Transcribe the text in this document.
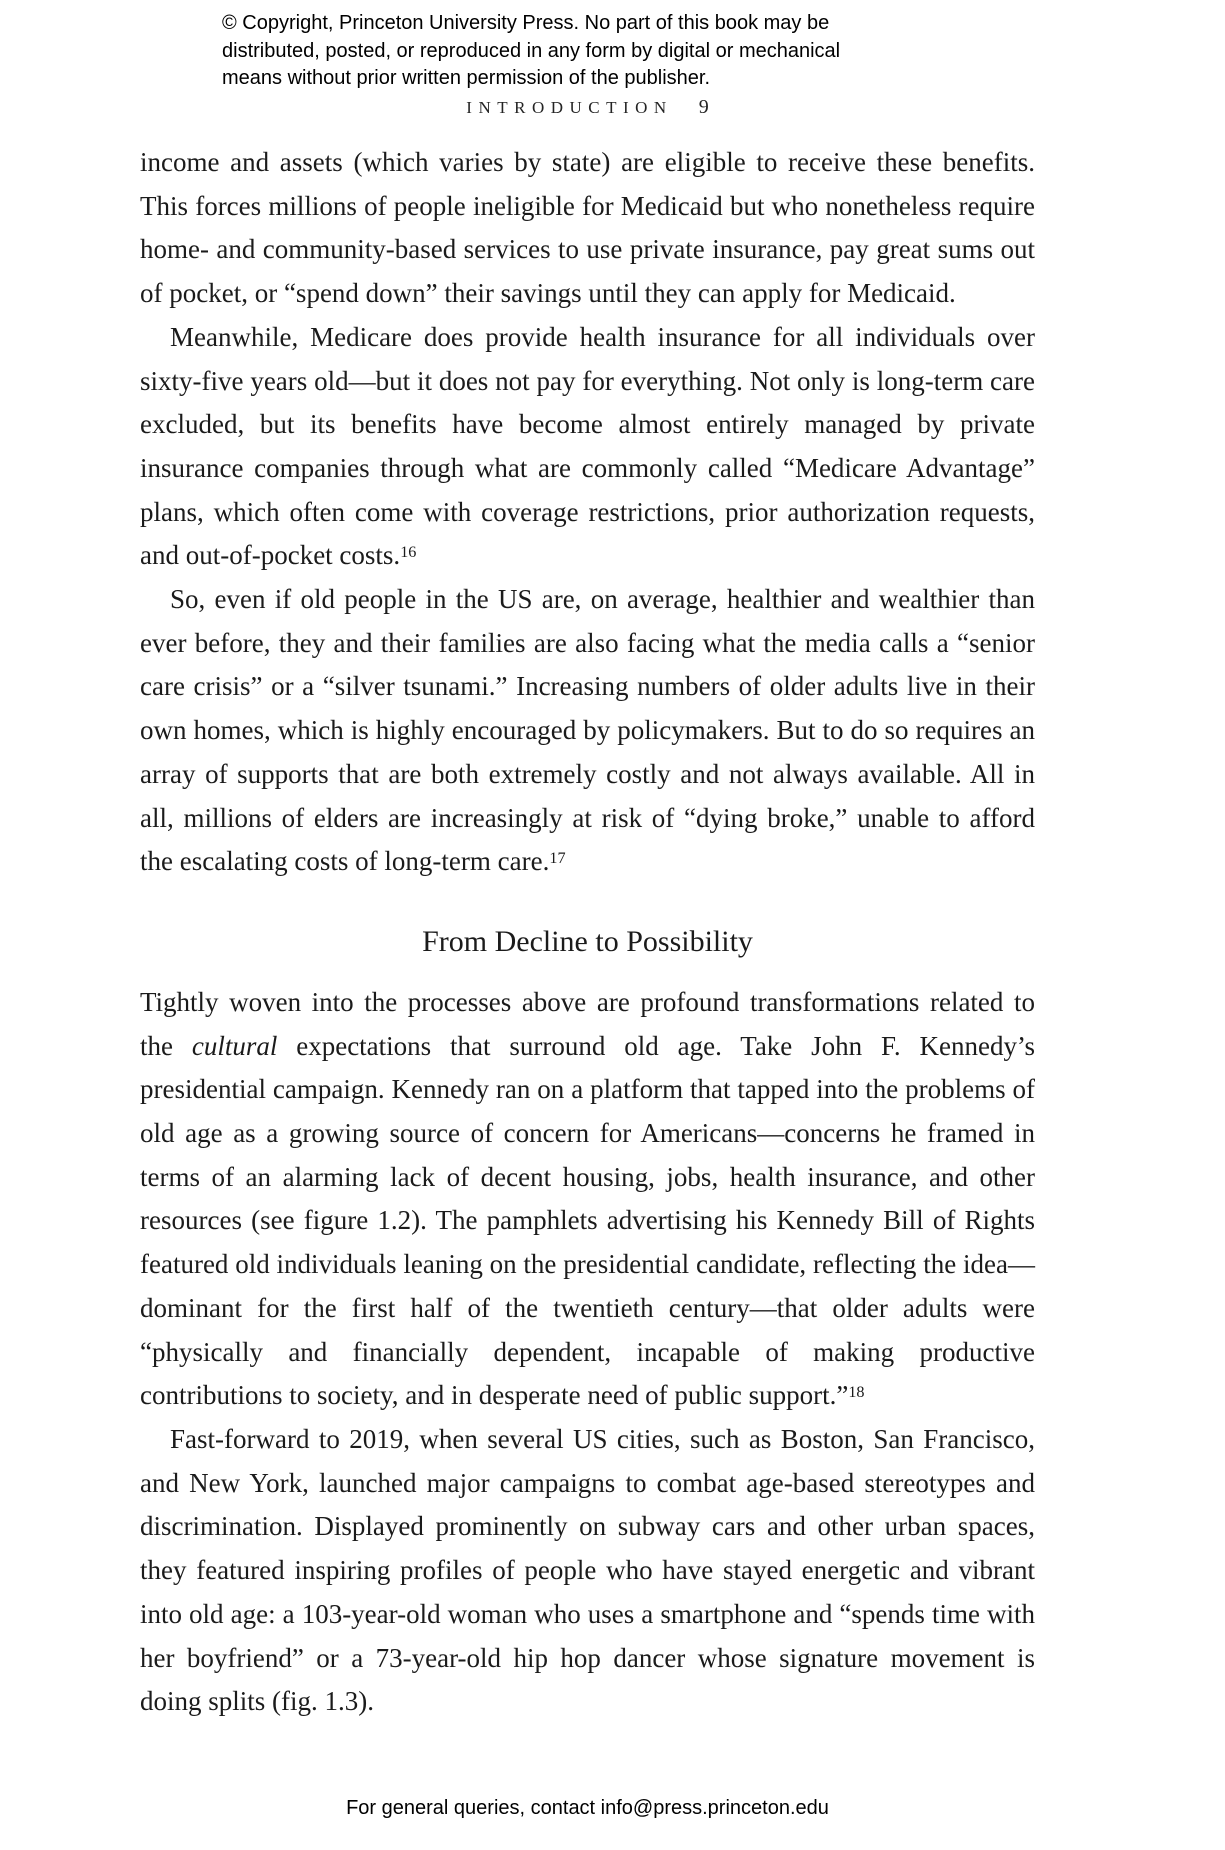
© Copyright, Princeton University Press. No part of this book may be
distributed, posted, or reproduced in any form by digital or mechanical
means without prior written permission of the publisher.
INTRODUCTION 9

income and assets (which varies by state) are eligible to receive these benefits. This forces millions of people ineligible for Medicaid but who nonetheless require home- and community-based services to use private insurance, pay great sums out of pocket, or “spend down” their savings until they can apply for Medicaid.

Meanwhile, Medicare does provide health insurance for all individuals over sixty-five years old—but it does not pay for everything. Not only is long-term care excluded, but its benefits have become almost entirely managed by private insurance companies through what are commonly called “Medicare Advantage” plans, which often come with coverage restrictions, prior authorization requests, and out-of-pocket costs.$^{16}$

So, even if old people in the US are, on average, healthier and wealthier than ever before, they and their families are also facing what the media calls a “senior care crisis” or a “silver tsunami.” Increasing numbers of older adults live in their own homes, which is highly encouraged by policymakers. But to do so requires an array of supports that are both extremely costly and not always available. All in all, millions of elders are increasingly at risk of “dying broke,” unable to afford the escalating costs of long-term care.$^{17}$

From Decline to Possibility

Tightly woven into the processes above are profound transformations related to the cultural expectations that surround old age. Take John F. Kennedy’s presidential campaign. Kennedy ran on a platform that tapped into the problems of old age as a growing source of concern for Americans—concerns he framed in terms of an alarming lack of decent housing, jobs, health insurance, and other resources (see figure 1.2). The pamphlets advertising his Kennedy Bill of Rights featured old individuals leaning on the presidential candidate, reflecting the idea—dominant for the first half of the twentieth century—that older adults were “physically and financially dependent, incapable of making productive contributions to society, and in desperate need of public support.”$^{18}$

Fast-forward to 2019, when several US cities, such as Boston, San Francisco, and New York, launched major campaigns to combat age-based stereotypes and discrimination. Displayed prominently on subway cars and other urban spaces, they featured inspiring profiles of people who have stayed energetic and vibrant into old age: a 103-year-old woman who uses a smartphone and “spends time with her boyfriend” or a 73-year-old hip hop dancer whose signature movement is doing splits (fig. 1.3).

For general queries, contact info@press.princeton.edu
